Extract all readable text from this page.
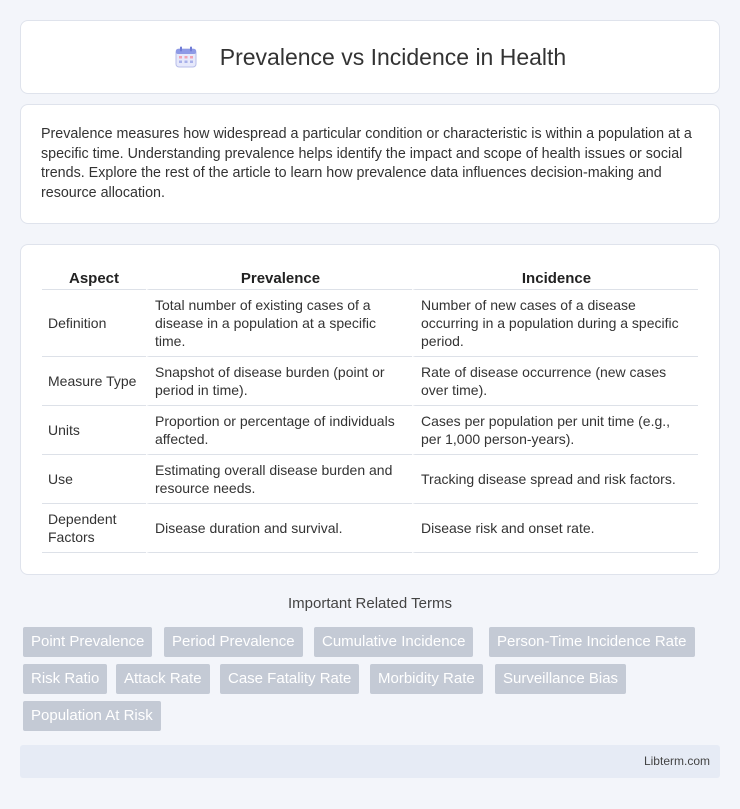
Prevalence vs Incidence in Health

Prevalence measures how widespread a particular condition or characteristic is within a population at a specific time. Understanding prevalence helps identify the impact and scope of health issues or social trends. Explore the rest of the article to learn how prevalence data influences decision-making and resource allocation.

Aspect	Prevalence	Incidence
Definition	Total number of existing cases of a disease in a population at a specific time.	Number of new cases of a disease occurring in a population during a specific period.
Measure Type	Snapshot of disease burden (point or period in time).	Rate of disease occurrence (new cases over time).
Units	Proportion or percentage of individuals affected.	Cases per population per unit time (e.g., per 1,000 person-years).
Use	Estimating overall disease burden and resource needs.	Tracking disease spread and risk factors.
Dependent Factors	Disease duration and survival.	Disease risk and onset rate.
Important Related Terms
Point Prevalence	Period Prevalence	Cumulative Incidence	Person-Time Incidence Rate
Risk Ratio	Attack Rate	Case Fatality Rate	Morbidity Rate	Surveillance Bias
Population At Risk
Libterm.com
